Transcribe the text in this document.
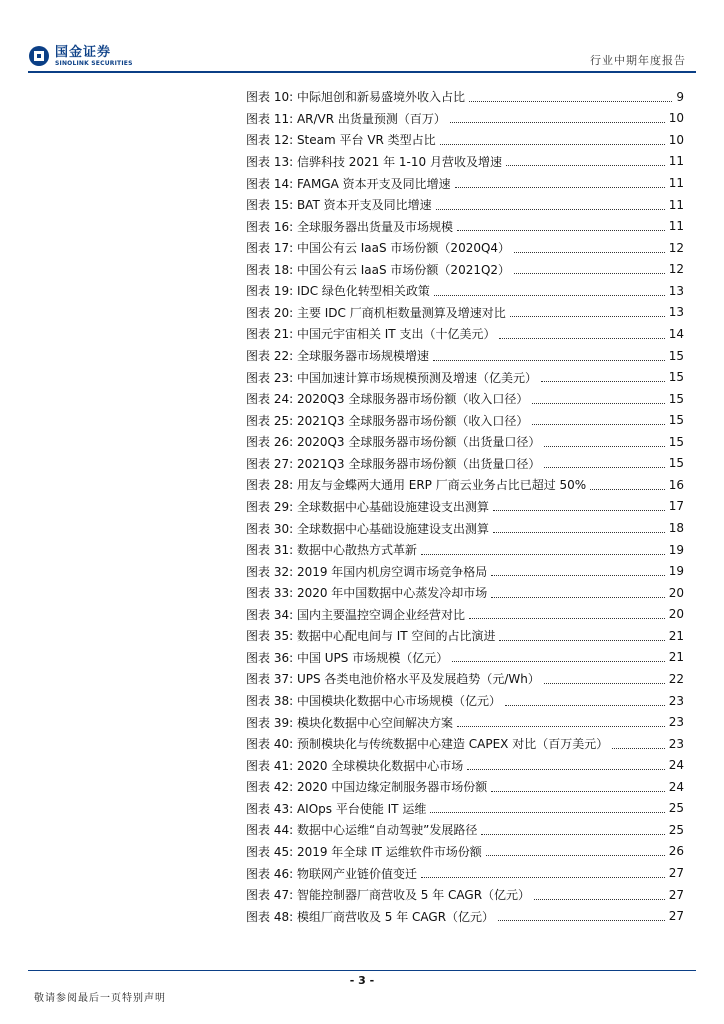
国金证券
SINOLINK SECURITIES	行业中期年度报告
图表 10: 中际旭创和新易盛境外收入占比	9
图表 11: AR/VR 出货量预测（百万）	10
图表 12: Steam 平台 VR 类型占比	10
图表 13: 信骅科技 2021 年 1-10 月营收及增速	11
图表 14: FAMGA 资本开支及同比增速	11
图表 15: BAT 资本开支及同比增速	11
图表 16: 全球服务器出货量及市场规模	11
图表 17: 中国公有云 IaaS 市场份额（2020Q4）	12
图表 18: 中国公有云 IaaS 市场份额（2021Q2）	12
图表 19: IDC 绿色化转型相关政策	13
图表 20: 主要 IDC 厂商机柜数量测算及增速对比	13
图表 21: 中国元宇宙相关 IT 支出（十亿美元）	14
图表 22: 全球服务器市场规模增速	15
图表 23: 中国加速计算市场规模预测及增速（亿美元）	15
图表 24: 2020Q3 全球服务器市场份额（收入口径）	15
图表 25: 2021Q3 全球服务器市场份额（收入口径）	15
图表 26: 2020Q3 全球服务器市场份额（出货量口径）	15
图表 27: 2021Q3 全球服务器市场份额（出货量口径）	15
图表 28: 用友与金蝶两大通用 ERP 厂商云业务占比已超过 50%	16
图表 29: 全球数据中心基础设施建设支出测算	17
图表 30: 全球数据中心基础设施建设支出测算	18
图表 31: 数据中心散热方式革新	19
图表 32: 2019 年国内机房空调市场竞争格局	19
图表 33: 2020 年中国数据中心蒸发冷却市场	20
图表 34: 国内主要温控空调企业经营对比	20
图表 35: 数据中心配电间与 IT 空间的占比演进	21
图表 36: 中国 UPS 市场规模（亿元）	21
图表 37: UPS 各类电池价格水平及发展趋势（元/Wh）	22
图表 38: 中国模块化数据中心市场规模（亿元）	23
图表 39: 模块化数据中心空间解决方案	23
图表 40: 预制模块化与传统数据中心建造 CAPEX 对比（百万美元）	23
图表 41: 2020 全球模块化数据中心市场	24
图表 42: 2020 中国边缘定制服务器市场份额	24
图表 43: AIOps 平台使能 IT 运维	25
图表 44: 数据中心运维“自动驾驶”发展路径	25
图表 45: 2019 年全球 IT 运维软件市场份额	26
图表 46: 物联网产业链价值变迁	27
图表 47: 智能控制器厂商营收及 5 年 CAGR（亿元）	27
图表 48: 模组厂商营收及 5 年 CAGR（亿元）	27
- 3 -
敬请参阅最后一页特别声明
